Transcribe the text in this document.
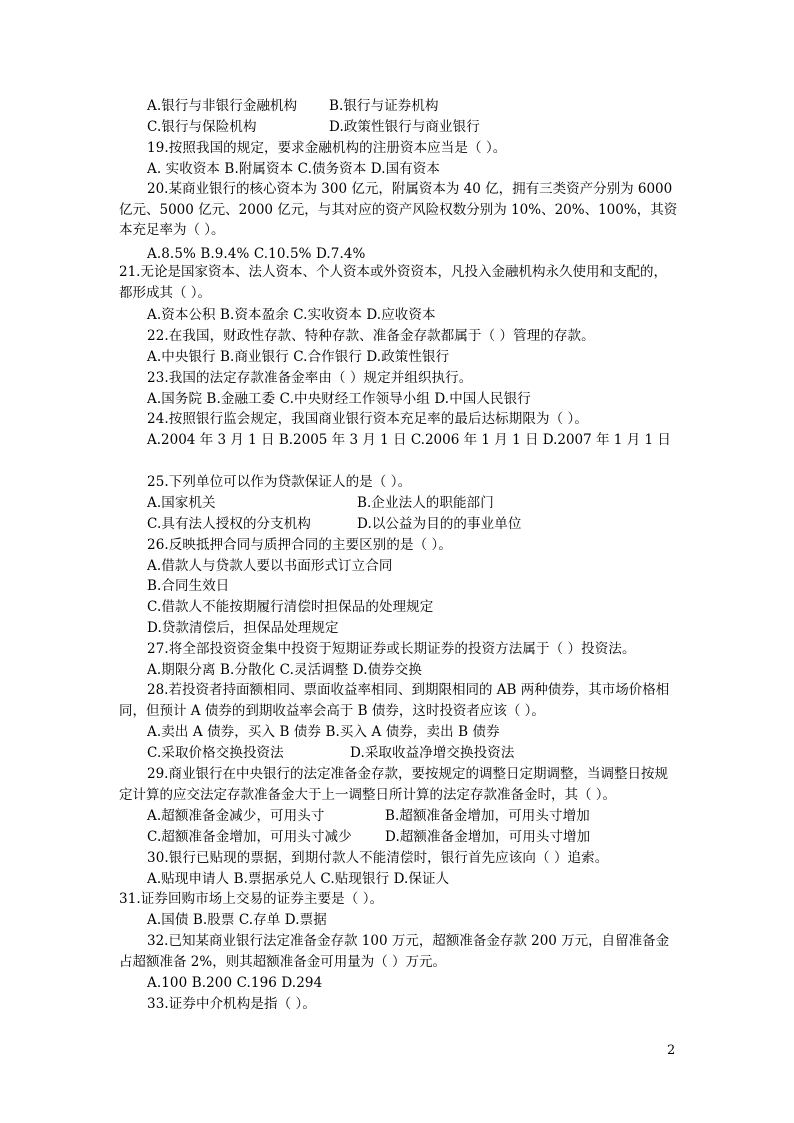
A.银行与非银行金融机构 B.银行与证券机构
C.银行与保险机构	D.政策性银行与商业银行
19.按照我国的规定，要求金融机构的注册资本应当是（ ）。
A. 实收资本 B.附属资本 C.债务资本 D.国有资本
20.某商业银行的核心资本为 300 亿元，附属资本为 40 亿，拥有三类资产分别为 6000 亿元、5000 亿元、2000 亿元，与其对应的资产风险权数分别为 10%、20%、100%，其资本充足率为（ ）。
A.8.5% B.9.4% C.10.5% D.7.4%
21.无论是国家资本、法人资本、个人资本或外资资本，凡投入金融机构永久使用和支配的，都形成其（ ）。
A.资本公积 B.资本盈余 C.实收资本 D.应收资本
22.在我国，财政性存款、特种存款、准备金存款都属于（ ）管理的存款。
A.中央银行 B.商业银行 C.合作银行 D.政策性银行
23.我国的法定存款准备金率由（ ）规定并组织执行。
A.国务院 B.金融工委 C.中央财经工作领导小组 D.中国人民银行
24.按照银行监会规定，我国商业银行资本充足率的最后达标期限为（ ）。
A.2004 年 3 月 1 日 B.2005 年 3 月 1 日 C.2006 年 1 月 1 日 D.2007 年 1 月 1 日
25.下列单位可以作为贷款保证人的是（ ）。
A.国家机关	B.企业法人的职能部门
C.具有法人授权的分支机构	D.以公益为目的的事业单位
26.反映抵押合同与质押合同的主要区别的是（ ）。
A.借款人与贷款人要以书面形式订立合同
B.合同生效日
C.借款人不能按期履行清偿时担保品的处理规定
D.贷款清偿后，担保品处理规定
27.将全部投资资金集中投资于短期证券或长期证券的投资方法属于（ ）投资法。
A.期限分离 B.分散化 C.灵活调整 D.债券交换
28.若投资者持面额相同、票面收益率相同、到期限相同的 AB 两种债券，其市场价格相同，但预计 A 债券的到期收益率会高于 B 债券，这时投资者应该（ ）。
A.卖出 A 债券，买入 B 债券 B.买入 A 债券，卖出 B 债券
C.采取价格交换投资法	D.采取收益净增交换投资法
29.商业银行在中央银行的法定准备金存款，要按规定的调整日定期调整，当调整日按规定计算的应交法定存款准备金大于上一调整日所计算的法定存款准备金时，其（ ）。
A.超额准备金减少，可用头寸	B.超额准备金增加，可用头寸增加
C.超额准备金增加，可用头寸减少 D.超额准备金增加，可用头寸增加
30.银行已贴现的票据，到期付款人不能清偿时，银行首先应该向（ ）追索。
A.贴现申请人 B.票据承兑人 C.贴现银行 D.保证人
31.证券回购市场上交易的证券主要是（ ）。
A.国债 B.股票 C.存单 D.票据
32.已知某商业银行法定准备金存款 100 万元，超额准备金存款 200 万元，自留准备金占超额准备 2%，则其超额准备金可用量为（ ）万元。
A.100 B.200 C.196 D.294
33.证券中介机构是指（ ）。
2
